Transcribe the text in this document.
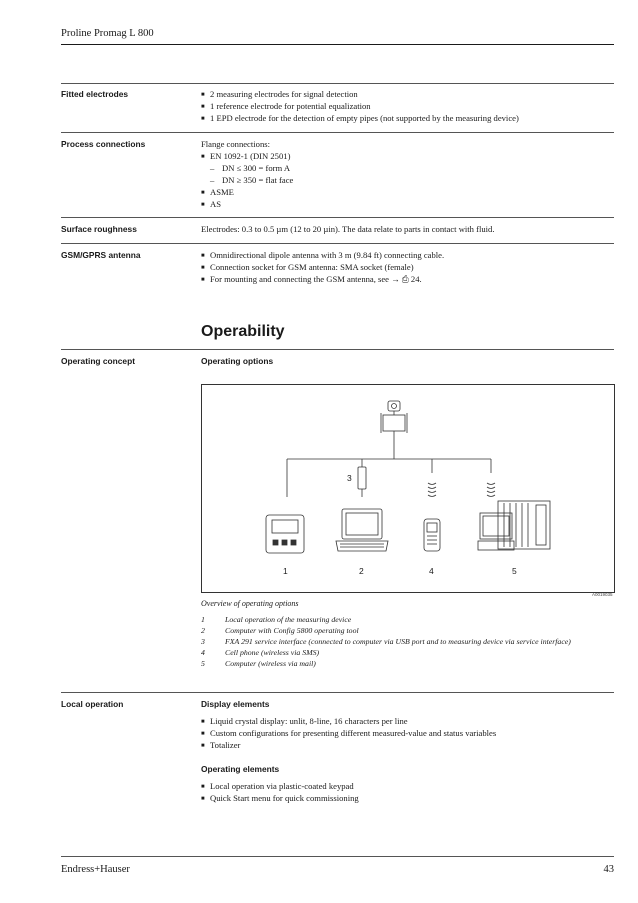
Proline Promag L 800
Fitted electrodes	■ 2 measuring electrodes for signal detection
■ 1 reference electrode for potential equalization
■ 1 EPD electrode for the detection of empty pipes (not supported by the measuring device)
Process connections	Flange connections:
■ EN 1092-1 (DIN 2501)
– DN ≤ 300 = form A
– DN ≥ 350 = flat face
■ ASME
■ AS
Surface roughness	Electrodes: 0.3 to 0.5 µm (12 to 20 µin). The data relate to parts in contact with fluid.
GSM/GPRS antenna	■ Omnidirectional dipole antenna with 3 m (9.84 ft) connecting cable.
■ Connection socket for GSM antenna: SMA socket (female)
■ For mounting and connecting the GSM antenna, see → ⎙ 24.
Operability
Operating concept	Operating options
1	2
3
4	5
A0019035
Overview of operating options
1	Local operation of the measuring device
2	Computer with Config 5800 operating tool
3	FXA 291 service interface (connected to computer via USB port and to measuring device via service interface)
4	Cell phone (wireless via SMS)
5	Computer (wireless via mail)
Local operation	Display elements
■ Liquid crystal display: unlit, 8-line, 16 characters per line
■ Custom configurations for presenting different measured-value and status variables
■ Totalizer
Operating elements
■ Local operation via plastic-coated keypad
■ Quick Start menu for quick commissioning
Endress+Hauser	43
